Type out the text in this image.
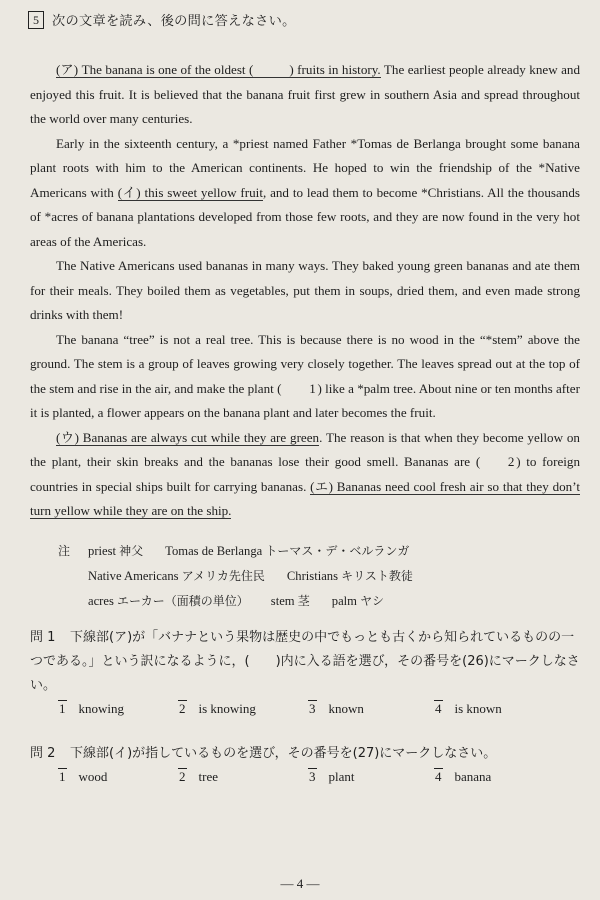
5 次の文章を読み、後の問に答えなさい。

(ア) The banana is one of the oldest (	) fruits in history. The earliest people already knew and enjoyed this fruit. It is believed that the banana fruit first grew in southern Asia and spread throughout the world over many centuries.

Early in the sixteenth century, a *priest named Father *Tomas de Berlanga brought some banana plant roots with him to the American continents. He hoped to win the friendship of the *Native Americans with (イ) this sweet yellow fruit, and to lead them to become *Christians. All the thousands of *acres of banana plantations developed from those few roots, and they are now found in the very hot areas of the Americas.

The Native Americans used bananas in many ways. They baked young green bananas and ate them for their meals. They boiled them as vegetables, put them in soups, dried them, and even made strong drinks with them!

The banana “tree” is not a real tree. This is because there is no wood in the “*stem” above the ground. The stem is a group of leaves growing very closely together. The leaves spread out at the top of the stem and rise in the air, and make the plant ( 1 ) like a *palm tree. About nine or ten months after it is planted, a flower appears on the banana plant and later becomes the fruit.

(ウ) Bananas are always cut while they are green. The reason is that when they become yellow on the plant, their skin breaks and the bananas lose their good smell. Bananas are ( 2 ) to foreign countries in special ships built for carrying bananas. (エ) Bananas need cool fresh air so that they don’t turn yellow while they are on the ship.

注 priest 神父 Tomas de Berlanga トーマス・デ・ベルランガ
Native Americans アメリカ先住民 Christians キリスト教徒
acres エーカー（面積の単位） stem 茎 palm ヤシ
問 1 下線部(ア)が「バナナという果物は歴史の中でもっとも古くから知られているものの一つである。」という訳になるように，(　　)内に入る語を選び，その番号を(26)にマークしなさい。
1 knowing	2 is knowing	3 known	4 is known
問 2 下線部(イ)が指しているものを選び，その番号を(27)にマークしなさい。
1 wood	2 tree	3 plant	4 banana
— 4 —
